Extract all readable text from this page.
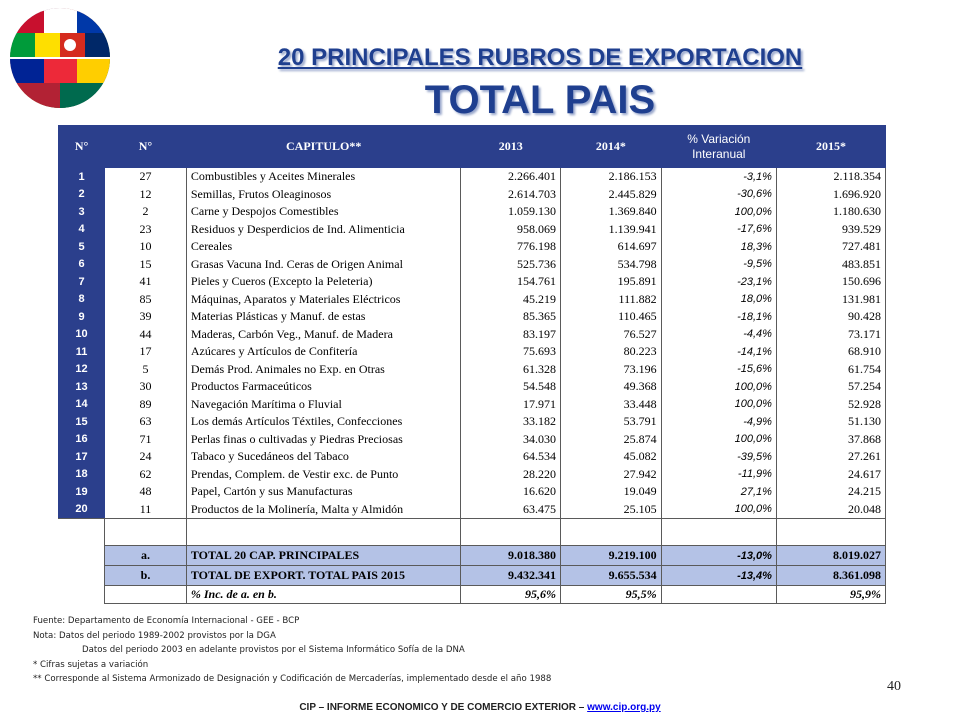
20 PRINCIPALES RUBROS DE EXPORTACION
TOTAL PAIS
N°	N°	CAPITULO**	2013	2014*	% Variación Interanual	2015*
1	27	Combustibles y Aceites Minerales	2.266.401	2.186.153	-3,1%	2.118.354
2	12	Semillas, Frutos Oleaginosos	2.614.703	2.445.829	-30,6%	1.696.920
3	2	Carne y Despojos Comestibles	1.059.130	1.369.840	100,0%	1.180.630
4	23	Residuos y Desperdicios de Ind. Alimenticia	958.069	1.139.941	-17,6%	939.529
5	10	Cereales	776.198	614.697	18,3%	727.481
6	15	Grasas Vacuna Ind. Ceras de Origen Animal	525.736	534.798	-9,5%	483.851
7	41	Pieles y Cueros (Excepto la Peleteria)	154.761	195.891	-23,1%	150.696
8	85	Máquinas, Aparatos y Materiales Eléctricos	45.219	111.882	18,0%	131.981
9	39	Materias Plásticas y Manuf. de estas	85.365	110.465	-18,1%	90.428
10	44	Maderas, Carbón Veg., Manuf. de Madera	83.197	76.527	-4,4%	73.171
11	17	Azúcares y Artículos de Confitería	75.693	80.223	-14,1%	68.910
12	5	Demás Prod. Animales no Exp. en Otras	61.328	73.196	-15,6%	61.754
13	30	Productos Farmaceúticos	54.548	49.368	100,0%	57.254
14	89	Navegación Marítima o Fluvial	17.971	33.448	100,0%	52.928
15	63	Los demás Artículos Téxtiles, Confecciones	33.182	53.791	-4,9%	51.130
16	71	Perlas finas o cultivadas y Piedras Preciosas	34.030	25.874	100,0%	37.868
17	24	Tabaco y Sucedáneos del Tabaco	64.534	45.082	-39,5%	27.261
18	62	Prendas, Complem. de Vestir exc. de Punto	28.220	27.942	-11,9%	24.617
19	48	Papel, Cartón y sus Manufacturas	16.620	19.049	27,1%	24.215
20	11	Productos de la Molinería, Malta y Almidón	63.475	25.105	100,0%	20.048

	a.	TOTAL 20 CAP. PRINCIPALES	9.018.380	9.219.100	-13,0%	8.019.027
	b.	TOTAL DE EXPORT. TOTAL PAIS 2015	9.432.341	9.655.534	-13,4%	8.361.098
		% Inc. de a. en b.	95,6%	95,5%		95,9%
Fuente: Departamento de Economía Internacional - GEE - BCP
Nota: Datos del periodo 1989-2002 provistos por la DGA
Datos del periodo 2003 en adelante provistos por el Sistema Informático Sofía de la DNA
* Cifras sujetas a variación
** Corresponde al Sistema Armonizado de Designación y Codificación de Mercaderías, implementado desde el año 1988	40
CIP – INFORME ECONOMICO Y DE COMERCIO EXTERIOR – www.cip.org.py
